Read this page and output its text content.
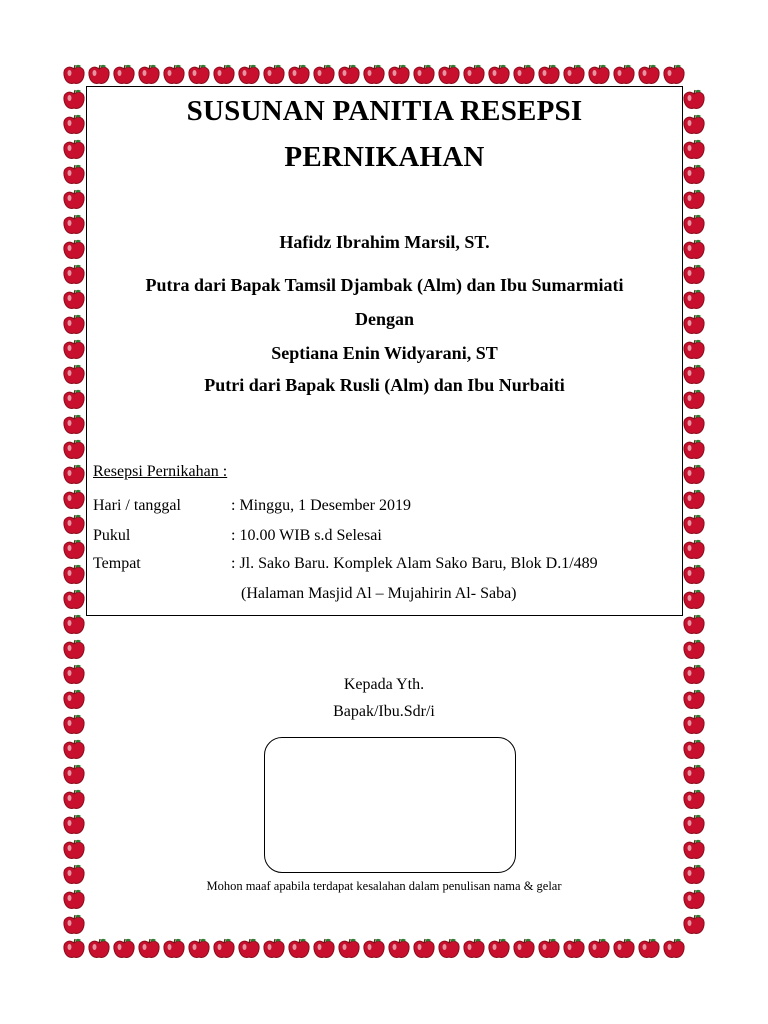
SUSUNAN PANITIA RESEPSI
PERNIKAHAN
Hafidz Ibrahim Marsil, ST.
Putra dari Bapak Tamsil Djambak (Alm) dan Ibu Sumarmiati
Dengan
Septiana Enin Widyarani, ST
Putri dari Bapak Rusli (Alm) dan Ibu Nurbaiti
Resepsi Pernikahan :
Hari / tanggal	: Minggu, 1 Desember 2019
Pukul	: 10.00 WIB s.d Selesai
Tempat	: Jl. Sako Baru. Komplek Alam Sako Baru, Blok D.1/489
(Halaman Masjid Al – Mujahirin Al- Saba)
Kepada Yth.
Bapak/Ibu.Sdr/i
Mohon maaf apabila terdapat kesalahan dalam penulisan nama & gelar
